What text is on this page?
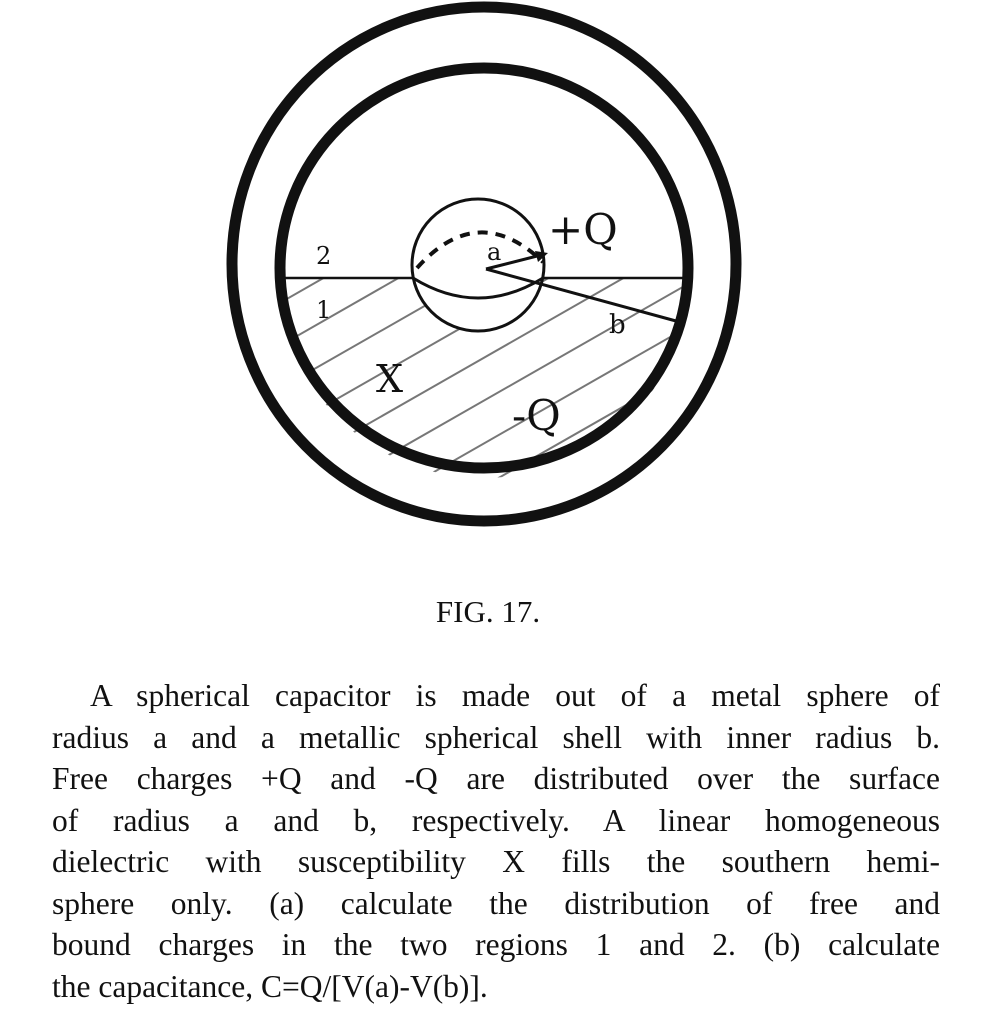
+Q
-Q
a
b
2
1
X
FIG. 17.
A spherical capacitor is made out of a metal sphere of
radius a and a metallic spherical shell with inner radius b.
Free charges +Q and -Q are distributed over the surface
of radius a and b, respectively. A linear homogeneous
dielectric with susceptibility X fills the southern hemi-
sphere only. (a) calculate the distribution of free and
bound charges in the two regions 1 and 2. (b) calculate
the capacitance, C=Q/[V(a)-V(b)].
